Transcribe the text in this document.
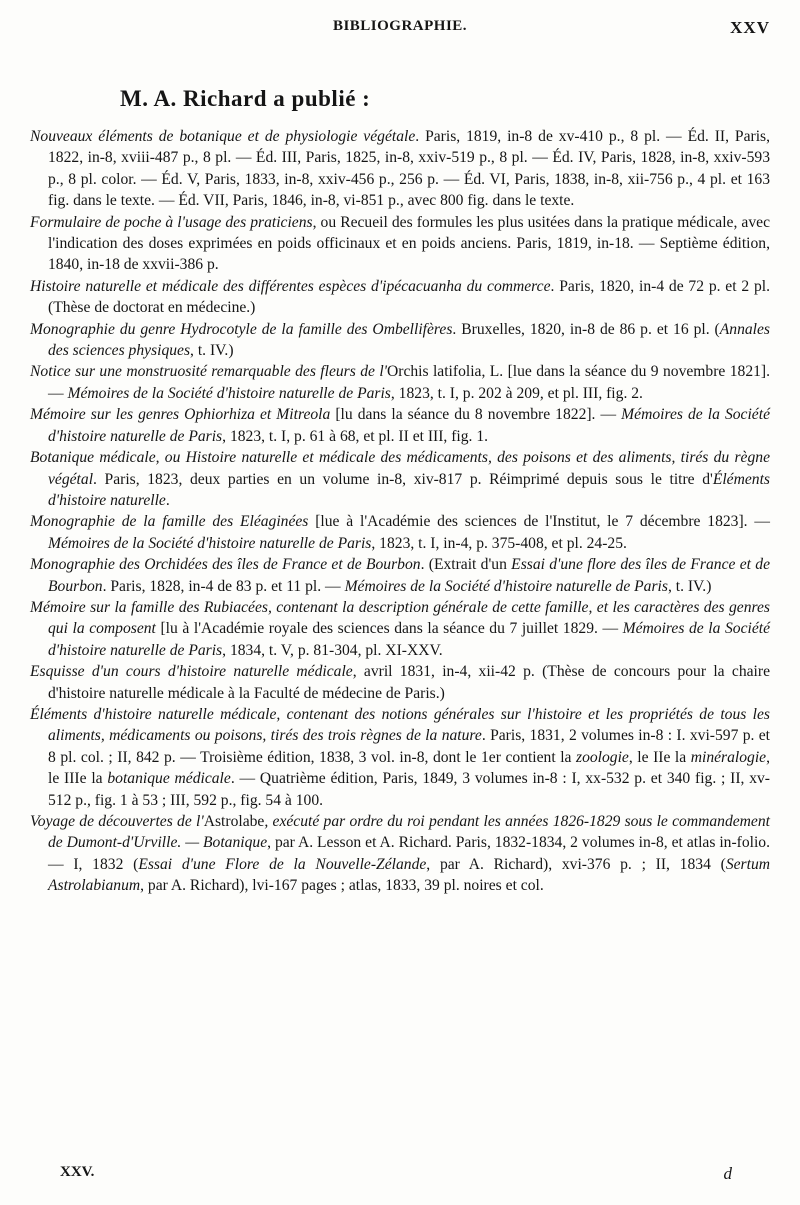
BIBLIOGRAPHIE.	XXV
M. A. Richard a publié :

Nouveaux éléments de botanique et de physiologie végétale. Paris, 1819, in-8 de xv-410 p., 8 pl. — Éd. II, Paris, 1822, in-8, xviii-487 p., 8 pl. — Éd. III, Paris, 1825, in-8, xxiv-519 p., 8 pl. — Éd. IV, Paris, 1828, in-8, xxiv-593 p., 8 pl. color. — Éd. V, Paris, 1833, in-8, xxiv-456 p., 256 p. — Éd. VI, Paris, 1838, in-8, xii-756 p., 4 pl. et 163 fig. dans le texte. — Éd. VII, Paris, 1846, in-8, vi-851 p., avec 800 fig. dans le texte.

Formulaire de poche à l'usage des praticiens, ou Recueil des formules les plus usitées dans la pratique médicale, avec l'indication des doses exprimées en poids officinaux et en poids anciens. Paris, 1819, in-18. — Septième édition, 1840, in-18 de xxvii-386 p.

Histoire naturelle et médicale des différentes espèces d'ipécacuanha du commerce. Paris, 1820, in-4 de 72 p. et 2 pl. (Thèse de doctorat en médecine.)

Monographie du genre Hydrocotyle de la famille des Ombellifères. Bruxelles, 1820, in-8 de 86 p. et 16 pl. (Annales des sciences physiques, t. IV.)

Notice sur une monstruosité remarquable des fleurs de l'Orchis latifolia, L. [lue dans la séance du 9 novembre 1821]. — Mémoires de la Société d'histoire naturelle de Paris, 1823, t. I, p. 202 à 209, et pl. III, fig. 2.

Mémoire sur les genres Ophiorhiza et Mitreola [lu dans la séance du 8 novembre 1822]. — Mémoires de la Société d'histoire naturelle de Paris, 1823, t. I, p. 61 à 68, et pl. II et III, fig. 1.

Botanique médicale, ou Histoire naturelle et médicale des médicaments, des poisons et des aliments, tirés du règne végétal. Paris, 1823, deux parties en un volume in-8, xiv-817 p. Réimprimé depuis sous le titre d'Éléments d'histoire naturelle.

Monographie de la famille des Eléaginées [lue à l'Académie des sciences de l'Institut, le 7 décembre 1823]. — Mémoires de la Société d'histoire naturelle de Paris, 1823, t. I, in-4, p. 375-408, et pl. 24-25.

Monographie des Orchidées des îles de France et de Bourbon. (Extrait d'un Essai d'une flore des îles de France et de Bourbon. Paris, 1828, in-4 de 83 p. et 11 pl. — Mémoires de la Société d'histoire naturelle de Paris, t. IV.)

Mémoire sur la famille des Rubiacées, contenant la description générale de cette famille, et les caractères des genres qui la composent [lu à l'Académie royale des sciences dans la séance du 7 juillet 1829. — Mémoires de la Société d'histoire naturelle de Paris, 1834, t. V, p. 81-304, pl. XI-XXV.

Esquisse d'un cours d'histoire naturelle médicale, avril 1831, in-4, xii-42 p. (Thèse de concours pour la chaire d'histoire naturelle médicale à la Faculté de médecine de Paris.)

Éléments d'histoire naturelle médicale, contenant des notions générales sur l'histoire et les propriétés de tous les aliments, médicaments ou poisons, tirés des trois règnes de la nature. Paris, 1831, 2 volumes in-8 : I. xvi-597 p. et 8 pl. col. ; II, 842 p. — Troisième édition, 1838, 3 vol. in-8, dont le 1er contient la zoologie, le IIe la minéralogie, le IIIe la botanique médicale. — Quatrième édition, Paris, 1849, 3 volumes in-8 : I, xx-532 p. et 340 fig. ; II, xv-512 p., fig. 1 à 53 ; III, 592 p., fig. 54 à 100.

Voyage de découvertes de l'Astrolabe, exécuté par ordre du roi pendant les années 1826-1829 sous le commandement de Dumont-d'Urville. — Botanique, par A. Lesson et A. Richard. Paris, 1832-1834, 2 volumes in-8, et atlas in-folio. — I, 1832 (Essai d'une Flore de la Nouvelle-Zélande, par A. Richard), xvi-376 p. ; II, 1834 (Sertum Astrolabianum, par A. Richard), lvi-167 pages ; atlas, 1833, 39 pl. noires et col.

XXV.	d
